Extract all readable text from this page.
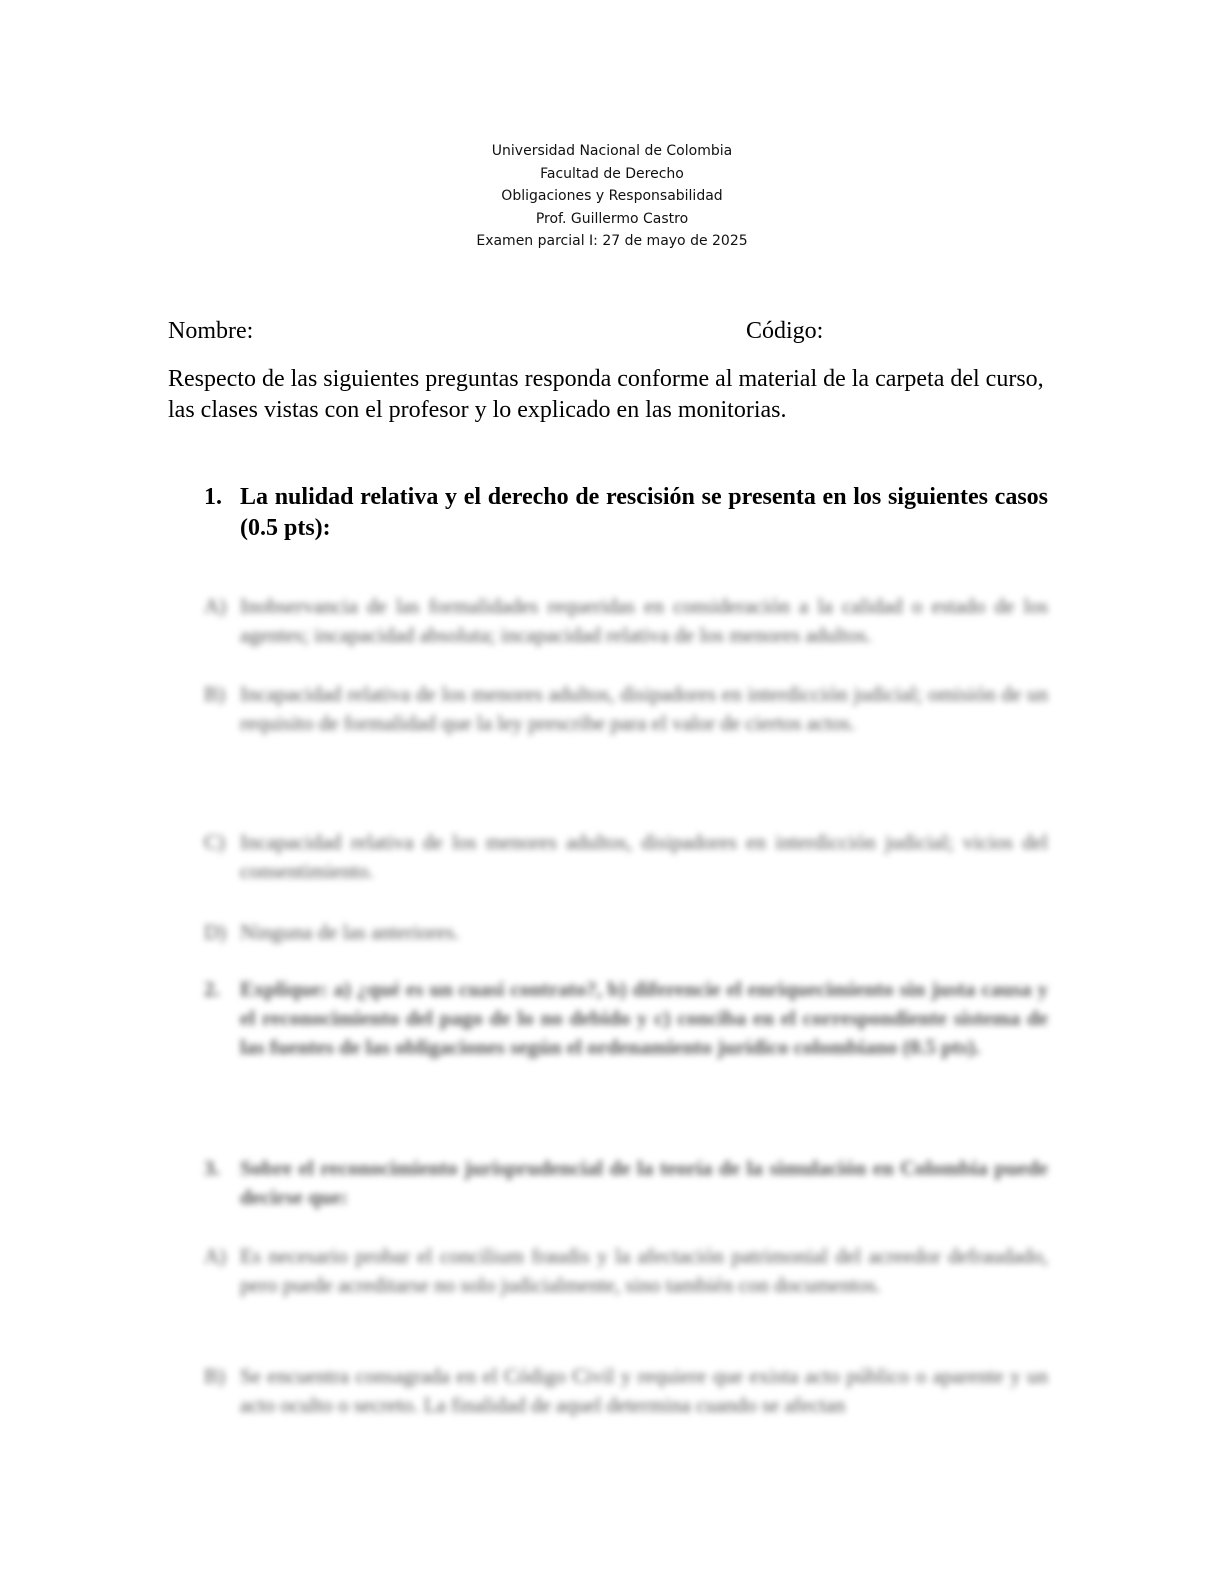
Universidad Nacional de Colombia
Facultad de Derecho
Obligaciones y Responsabilidad
Prof. Guillermo Castro
Examen parcial I: 27 de mayo de 2025
Nombre:	Código:
Respecto de las siguientes preguntas responda conforme al material de la carpeta del curso, las clases vistas con el profesor y lo explicado en las monitorias.
1. La nulidad relativa y el derecho de rescisión se presenta en los siguientes casos (0.5 pts):
A) Inobservancia de las formalidades requeridas en consideración a la calidad o estado de los agentes; incapacidad absoluta; incapacidad relativa de los menores adultos.
B) Incapacidad relativa de los menores adultos, disipadores en interdicción judicial; omisión de un requisito de formalidad que la ley prescribe para el valor de ciertos actos.
C) Incapacidad relativa de los menores adultos, disipadores en interdicción judicial; vicios del consentimiento.
D) Ninguna de las anteriores.
2. Explique: a) ¿qué es un cuasi contrato?, b) diferencie el enriquecimiento sin justa causa y el reconocimiento del pago de lo no debido y c) conciba en el correspondiente sistema de las fuentes de las obligaciones según el ordenamiento jurídico colombiano (0.5 pts).
3. Sobre el reconocimiento jurisprudencial de la teoría de la simulación en Colombia puede decirse que:
A) Es necesario probar el concilium fraudis y la afectación patrimonial del acreedor defraudado, pero puede acreditarse no solo judicialmente, sino también con documentos.
B) Se encuentra consagrada en el Código Civil y requiere que exista acto público o aparente y un acto oculto o secreto. La finalidad de aquel determina cuando se afectan
